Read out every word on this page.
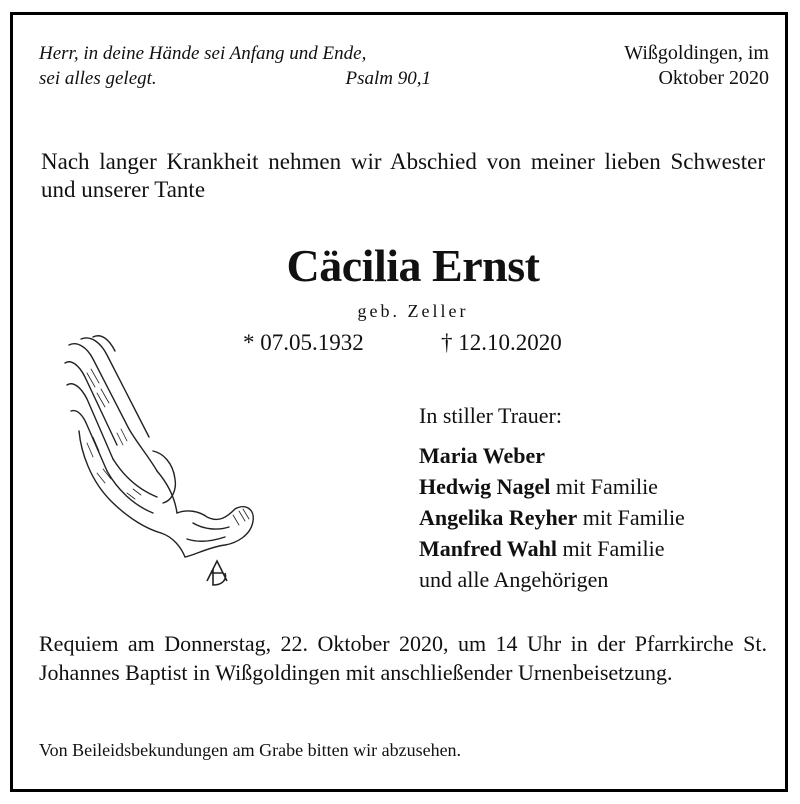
Herr, in deine Hände sei Anfang und Ende,
sei alles gelegt.	Psalm 90,1
Wißgoldingen, im
Oktober 2020
Nach langer Krankheit nehmen wir Abschied von meiner lieben Schwester und unserer Tante
Cäcilia Ernst
geb. Zeller
* 07.05.1932	† 12.10.2020
In stiller Trauer:
Maria Weber
Hedwig Nagel mit Familie
Angelika Reyher mit Familie
Manfred Wahl mit Familie
und alle Angehörigen
Requiem am Donnerstag, 22. Oktober 2020, um 14 Uhr in der Pfarrkirche St. Johannes Baptist in Wißgoldingen mit anschließender Urnenbeisetzung.
Von Beileidsbekundungen am Grabe bitten wir abzusehen.
